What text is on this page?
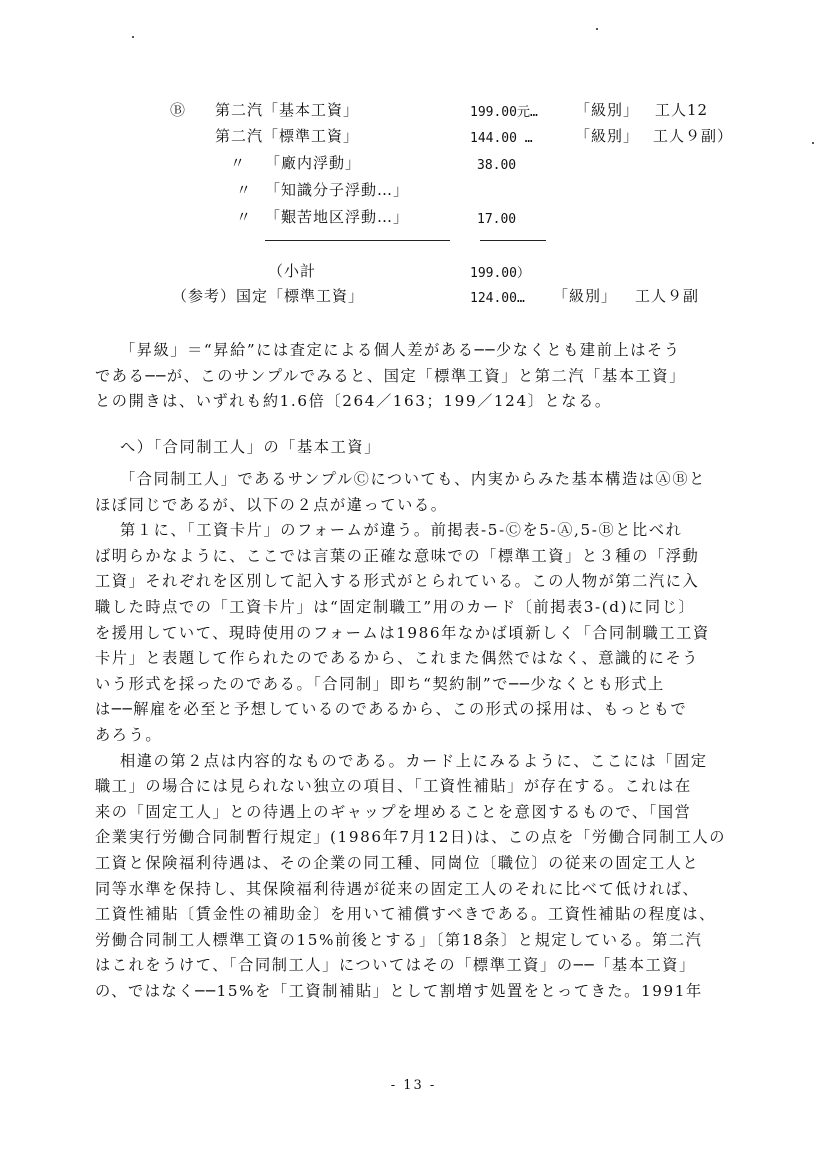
Ⓑ 第二汽「基本工資」	199.00元… 「級別」 工人12
第二汽「標準工資」	144.00 …	「級別」 工人９副）
〃 「廠内浮動」	38.00
〃 「知識分子浮動…」
〃 「艱苦地区浮動…」	17.00
（小計	199.00）
（参考）国定「標準工資」	124.00… 「級別」 工人９副
「昇級」＝“昇給”には査定による個人差がある──少なくとも建前上はそう
である──が、このサンプルでみると、国定「標準工資」と第二汽「基本工資」
との開きは、いずれも約1.6倍〔264／163；199／124〕となる。
へ）「合同制工人」の「基本工資」
「合同制工人」であるサンプルⒸについても、内実からみた基本構造はⒶⒷと
ほぼ同じであるが、以下の２点が違っている。
第１に、「工資卡片」のフォームが違う。前掲表-5-Ⓒを5-Ⓐ,5-Ⓑと比べれ
ば明らかなように、ここでは言葉の正確な意味での「標準工資」と３種の「浮動
工資」それぞれを区別して記入する形式がとられている。この人物が第二汽に入
職した時点での「工資卡片」は“固定制職工”用のカード〔前掲表3-(d)に同じ〕
を援用していて、現時使用のフォームは1986年なかば頃新しく「合同制職工工資
卡片」と表題して作られたのであるから、これまた偶然ではなく、意識的にそう
いう形式を採ったのである。「合同制」即ち“契約制”で──少なくとも形式上
は──解雇を必至と予想しているのであるから、この形式の採用は、もっともで
あろう。
相違の第２点は内容的なものである。カード上にみるように、ここには「固定
職工」の場合には見られない独立の項目、「工資性補貼」が存在する。これは在
来の「固定工人」との待遇上のギャップを埋めることを意図するもので、「国営
企業実行労働合同制暫行規定」(1986年7月12日)は、この点を「労働合同制工人の
工資と保険福利待遇は、その企業の同工種、同崗位〔職位〕の従来の固定工人と
同等水準を保持し、其保険福利待遇が従来の固定工人のそれに比べて低ければ、
工資性補貼〔賃金性の補助金〕を用いて補償すべきである。工資性補貼の程度は、
労働合同制工人標準工資の15%前後とする」〔第18条〕と規定している。第二汽
はこれをうけて、「合同制工人」についてはその「標準工資」の──「基本工資」
の、ではなく──15%を「工資制補貼」として割増す処置をとってきた。1991年
- 13 -
